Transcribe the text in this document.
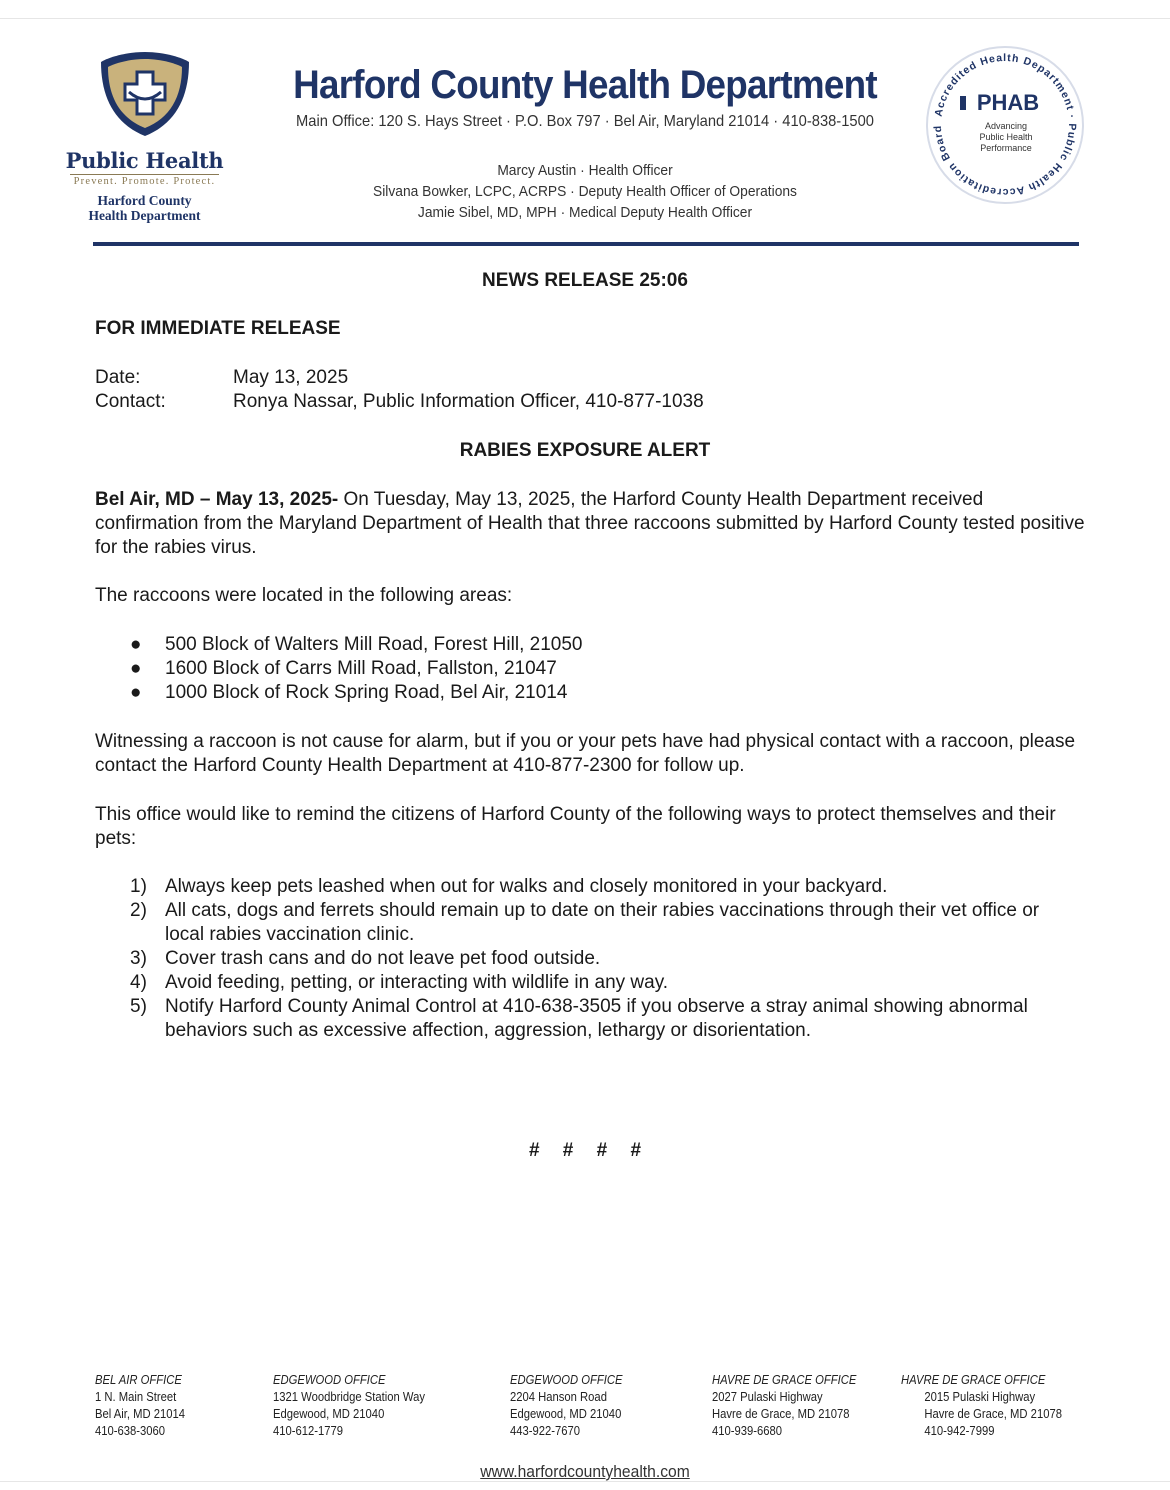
Public Health
Prevent. Promote. Protect.
Harford County
Health Department
Harford County Health Department
Main Office: 120 S. Hays Street · P.O. Box 797 · Bel Air, Maryland 21014 · 410-838-1500
Marcy Austin · Health Officer
Silvana Bowker, LCPC, ACRPS · Deputy Health Officer of Operations
Jamie Sibel, MD, MPH · Medical Deputy Health Officer
Accredited Health Department · Public Health Accreditation Board
PHAB
Advancing
Public Health
Performance
NEWS RELEASE 25:06
FOR IMMEDIATE RELEASE
Date:	May 13, 2025
Contact:	Ronya Nassar, Public Information Officer, 410-877-1038
RABIES EXPOSURE ALERT
Bel Air, MD – May 13, 2025- On Tuesday, May 13, 2025, the Harford County Health Department received confirmation from the Maryland Department of Health that three raccoons submitted by Harford County tested positive for the rabies virus.
The raccoons were located in the following areas:
●	500 Block of Walters Mill Road, Forest Hill, 21050
●	1600 Block of Carrs Mill Road, Fallston, 21047
●	1000 Block of Rock Spring Road, Bel Air, 21014
Witnessing a raccoon is not cause for alarm, but if you or your pets have had physical contact with a raccoon, please contact the Harford County Health Department at 410-877-2300 for follow up.
This office would like to remind the citizens of Harford County of the following ways to protect themselves and their pets:
1) Always keep pets leashed when out for walks and closely monitored in your backyard.
2) All cats, dogs and ferrets should remain up to date on their rabies vaccinations through their vet office or local rabies vaccination clinic.
3) Cover trash cans and do not leave pet food outside.
4) Avoid feeding, petting, or interacting with wildlife in any way.
5) Notify Harford County Animal Control at 410-638-3505 if you observe a stray animal showing abnormal behaviors such as excessive affection, aggression, lethargy or disorientation.
# # # #
BEL AIR OFFICE
1 N. Main Street
Bel Air, MD 21014
410-638-3060
EDGEWOOD OFFICE
1321 Woodbridge Station Way
Edgewood, MD 21040
410-612-1779
EDGEWOOD OFFICE
2204 Hanson Road
Edgewood, MD 21040
443-922-7670
HAVRE DE GRACE OFFICE
2027 Pulaski Highway
Havre de Grace, MD 21078
410-939-6680
HAVRE DE GRACE OFFICE
2015 Pulaski Highway
Havre de Grace, MD 21078
410-942-7999
www.harfordcountyhealth.com
